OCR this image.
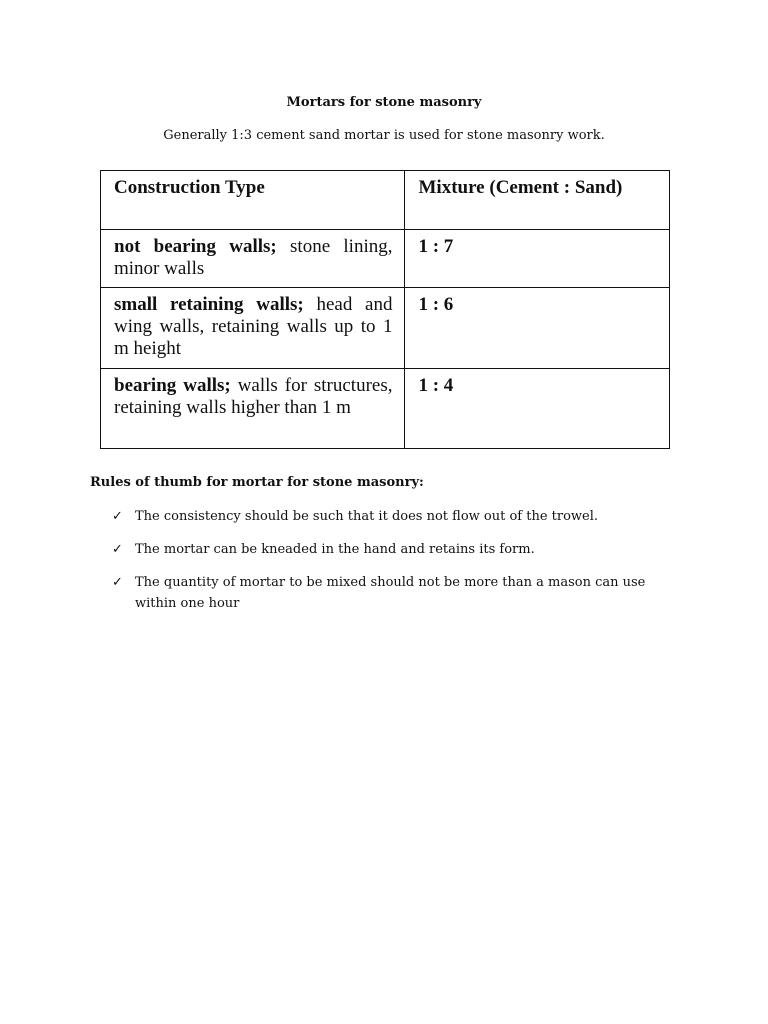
Mortars for stone masonry
Generally 1:3 cement sand mortar is used for stone masonry work.
Construction Type	Mixture (Cement : Sand)
not bearing walls; stone lining, minor walls	1 : 7
small retaining walls; head and wing walls, retaining walls up to 1 m height	1 : 6
bearing walls; walls for structures, retaining walls higher than 1 m	1 : 4
Rules of thumb for mortar for stone masonry:
✓ The consistency should be such that it does not flow out of the trowel.
✓ The mortar can be kneaded in the hand and retains its form.
✓ The quantity of mortar to be mixed should not be more than a mason can use within one hour
